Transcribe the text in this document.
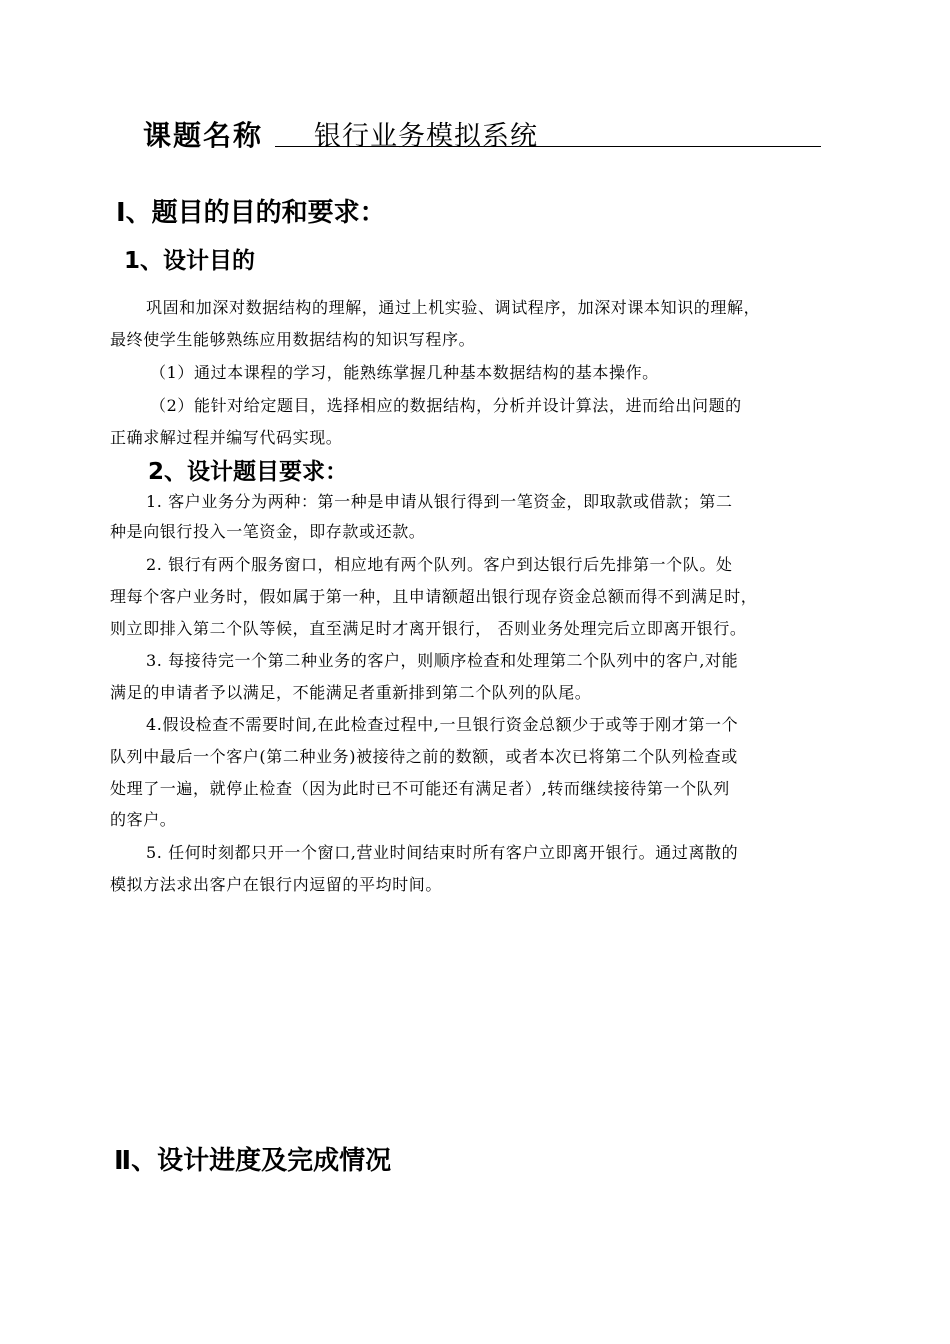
课题名称 银行业务模拟系统
Ⅰ、题目的目的和要求：
1、设计目的
巩固和加深对数据结构的理解，通过上机实验、调试程序，加深对课本知识的理解，
最终使学生能够熟练应用数据结构的知识写程序。
（1）通过本课程的学习，能熟练掌握几种基本数据结构的基本操作。
（2）能针对给定题目，选择相应的数据结构，分析并设计算法，进而给出问题的
正确求解过程并编写代码实现。
2、设计题目要求：
1. 客户业务分为两种：第一种是申请从银行得到一笔资金，即取款或借款；第二
种是向银行投入一笔资金，即存款或还款。
2. 银行有两个服务窗口，相应地有两个队列。客户到达银行后先排第一个队。处
理每个客户业务时，假如属于第一种，且申请额超出银行现存资金总额而得不到满足时，
则立即排入第二个队等候，直至满足时才离开银行， 否则业务处理完后立即离开银行。
3. 每接待完一个第二种业务的客户，则顺序检查和处理第二个队列中的客户,对能
满足的申请者予以满足，不能满足者重新排到第二个队列的队尾。
4.假设检查不需要时间,在此检查过程中,一旦银行资金总额少于或等于刚才第一个
队列中最后一个客户(第二种业务)被接待之前的数额，或者本次已将第二个队列检查或
处理了一遍，就停止检查（因为此时已不可能还有满足者）,转而继续接待第一个队列
的客户。
5. 任何时刻都只开一个窗口,营业时间结束时所有客户立即离开银行。通过离散的
模拟方法求出客户在银行内逗留的平均时间。
Ⅱ、设计进度及完成情况
